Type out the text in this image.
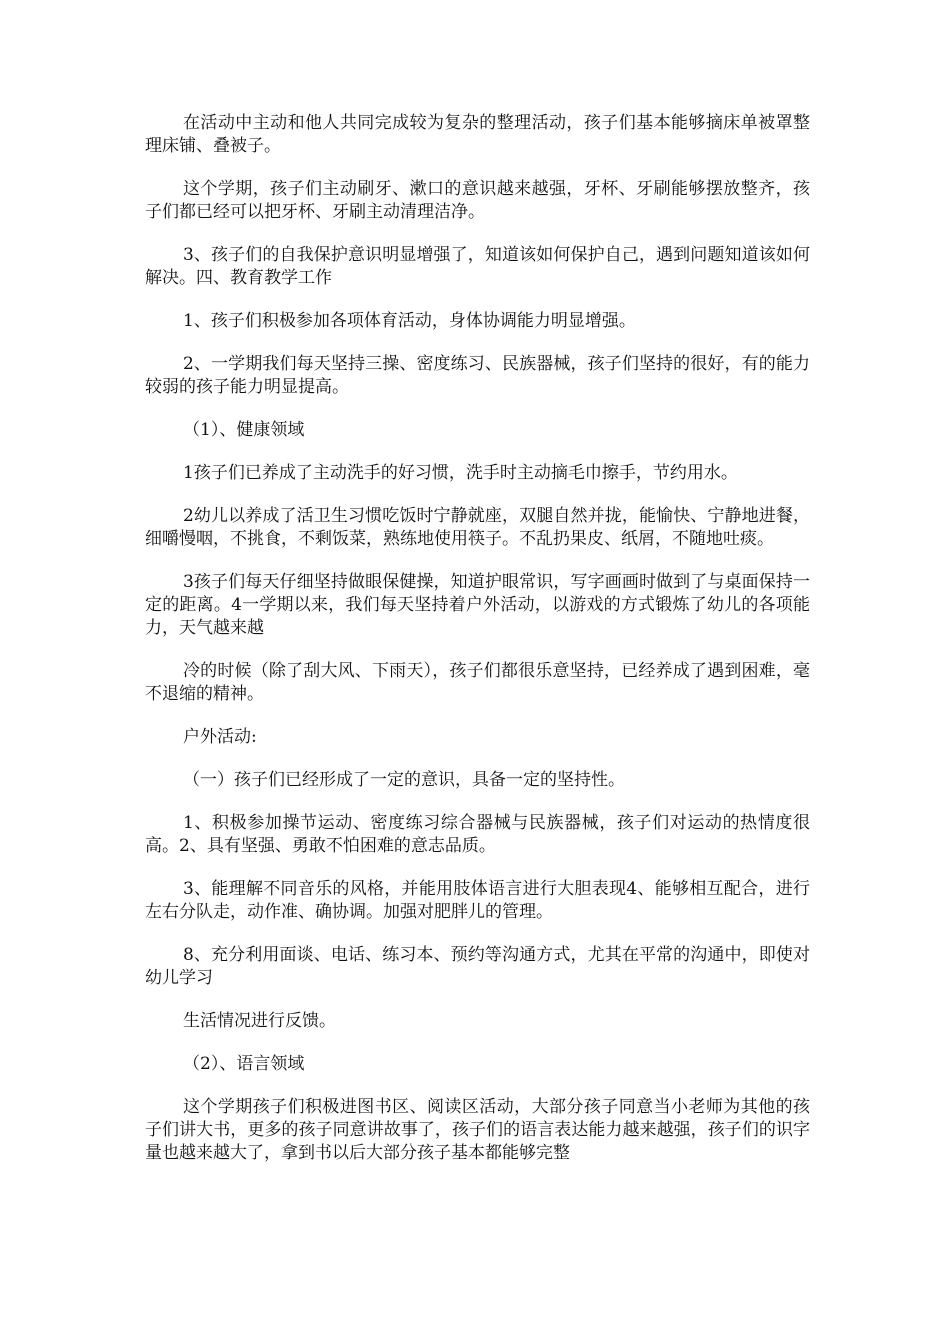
在活动中主动和他人共同完成较为复杂的整理活动，孩子们基本能够摘床单被罩整理床铺、叠被子。

这个学期，孩子们主动刷牙、漱口的意识越来越强，牙杯、牙刷能够摆放整齐，孩子们都已经可以把牙杯、牙刷主动清理洁净。

3、孩子们的自我保护意识明显增强了，知道该如何保护自己，遇到问题知道该如何解决。四、教育教学工作

1、孩子们积极参加各项体育活动，身体协调能力明显增强。

2、一学期我们每天坚持三操、密度练习、民族器械，孩子们坚持的很好，有的能力较弱的孩子能力明显提高。

（1）、健康领域

1孩子们已养成了主动洗手的好习惯，洗手时主动摘毛巾擦手，节约用水。

2幼儿以养成了活卫生习惯吃饭时宁静就座，双腿自然并拢，能愉快、宁静地进餐，细嚼慢咽，不挑食，不剩饭菜，熟练地使用筷子。不乱扔果皮、纸屑，不随地吐痰。

3孩子们每天仔细坚持做眼保健操，知道护眼常识，写字画画时做到了与桌面保持一定的距离。4一学期以来，我们每天坚持着户外活动，以游戏的方式锻炼了幼儿的各项能力，天气越来越

冷的时候（除了刮大风、下雨天），孩子们都很乐意坚持，已经养成了遇到困难，毫不退缩的精神。

户外活动:

（一）孩子们已经形成了一定的意识，具备一定的坚持性。

1、积极参加操节运动、密度练习综合器械与民族器械，孩子们对运动的热情度很高。2、具有坚强、勇敢不怕困难的意志品质。

3、能理解不同音乐的风格，并能用肢体语言进行大胆表现4、能够相互配合，进行左右分队走，动作准、确协调。加强对肥胖儿的管理。

8、充分利用面谈、电话、练习本、预约等沟通方式，尤其在平常的沟通中，即使对幼儿学习

生活情况进行反馈。

（2）、语言领域

这个学期孩子们积极进图书区、阅读区活动，大部分孩子同意当小老师为其他的孩子们讲大书，更多的孩子同意讲故事了，孩子们的语言表达能力越来越强，孩子们的识字量也越来越大了，拿到书以后大部分孩子基本都能够完整
